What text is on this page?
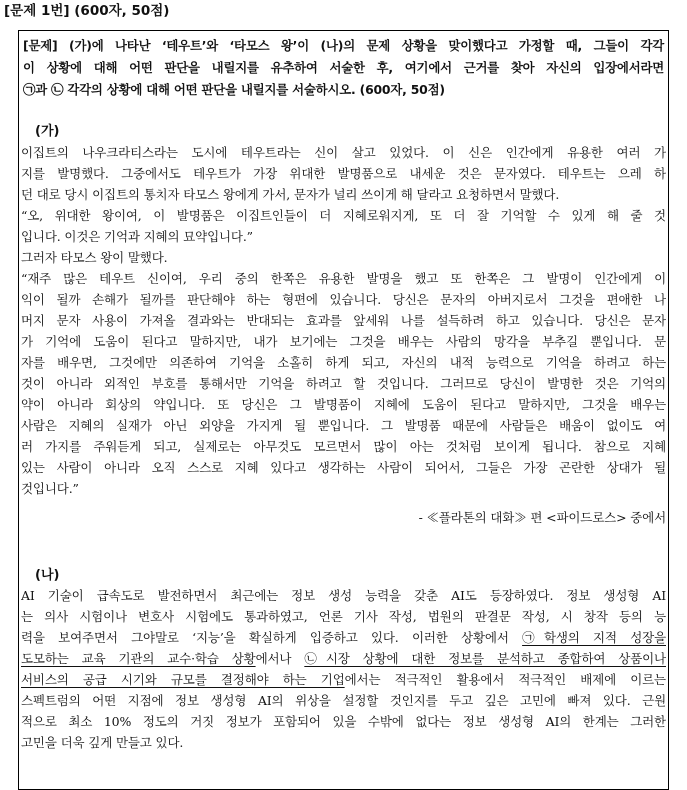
[문제 1번] (600자, 50점)
[문제] (가)에 나타난 ‘테우트’와 ‘타모스 왕’이 (나)의 문제 상황을 맞이했다고 가정할 때, 그들이 각각
이 상황에 대해 어떤 판단을 내릴지를 유추하여 서술한 후, 여기에서 근거를 찾아 자신의 입장에서라면
㉠과 ㉡ 각각의 상황에 대해 어떤 판단을 내릴지를 서술하시오. (600자, 50점)
(가)
이집트의 나우크라티스라는 도시에 테우트라는 신이 살고 있었다. 이 신은 인간에게 유용한 여러 가
지를 발명했다. 그중에서도 테우트가 가장 위대한 발명품으로 내세운 것은 문자였다. 테우트는 으레 하
던 대로 당시 이집트의 통치자 타모스 왕에게 가서, 문자가 널리 쓰이게 해 달라고 요청하면서 말했다.
“오, 위대한 왕이여, 이 발명품은 이집트인들이 더 지혜로워지게, 또 더 잘 기억할 수 있게 해 줄 것
입니다. 이것은 기억과 지혜의 묘약입니다.”
그러자 타모스 왕이 말했다.
“재주 많은 테우트 신이여, 우리 중의 한쪽은 유용한 발명을 했고 또 한쪽은 그 발명이 인간에게 이
익이 될까 손해가 될까를 판단해야 하는 형편에 있습니다. 당신은 문자의 아버지로서 그것을 편애한 나
머지 문자 사용이 가져올 결과와는 반대되는 효과를 앞세워 나를 설득하려 하고 있습니다. 당신은 문자
가 기억에 도움이 된다고 말하지만, 내가 보기에는 그것을 배우는 사람의 망각을 부추길 뿐입니다. 문
자를 배우면, 그것에만 의존하여 기억을 소홀히 하게 되고, 자신의 내적 능력으로 기억을 하려고 하는
것이 아니라 외적인 부호를 통해서만 기억을 하려고 할 것입니다. 그러므로 당신이 발명한 것은 기억의
약이 아니라 회상의 약입니다. 또 당신은 그 발명품이 지혜에 도움이 된다고 말하지만, 그것을 배우는
사람은 지혜의 실재가 아닌 외양을 가지게 될 뿐입니다. 그 발명품 때문에 사람들은 배움이 없이도 여
러 가지를 주워듣게 되고, 실제로는 아무것도 모르면서 많이 아는 것처럼 보이게 됩니다. 참으로 지혜
있는 사람이 아니라 오직 스스로 지혜 있다고 생각하는 사람이 되어서, 그들은 가장 곤란한 상대가 될
것입니다.”
- ≪플라톤의 대화≫ 편 <파이드로스> 중에서
(나)
AI 기술이 급속도로 발전하면서 최근에는 정보 생성 능력을 갖춘 AI도 등장하였다. 정보 생성형 AI
는 의사 시험이나 변호사 시험에도 통과하였고, 언론 기사 작성, 법원의 판결문 작성, 시 창작 등의 능
력을 보여주면서 그야말로 ‘지능’을 확실하게 입증하고 있다. 이러한 상황에서 ㉠학생의 지적 성장을
도모하는 교육 기관의 교수·학습 상황에서나 ㉡시장 상황에 대한 정보를 분석하고 종합하여 상품이나
서비스의 공급 시기와 규모를 결정해야 하는 기업에서는 적극적인 활용에서 적극적인 배제에 이르는
스펙트럼의 어떤 지점에 정보 생성형 AI의 위상을 설정할 것인지를 두고 깊은 고민에 빠져 있다. 근원
적으로 최소 10% 정도의 거짓 정보가 포함되어 있을 수밖에 없다는 정보 생성형 AI의 한계는 그러한
고민을 더욱 깊게 만들고 있다.
